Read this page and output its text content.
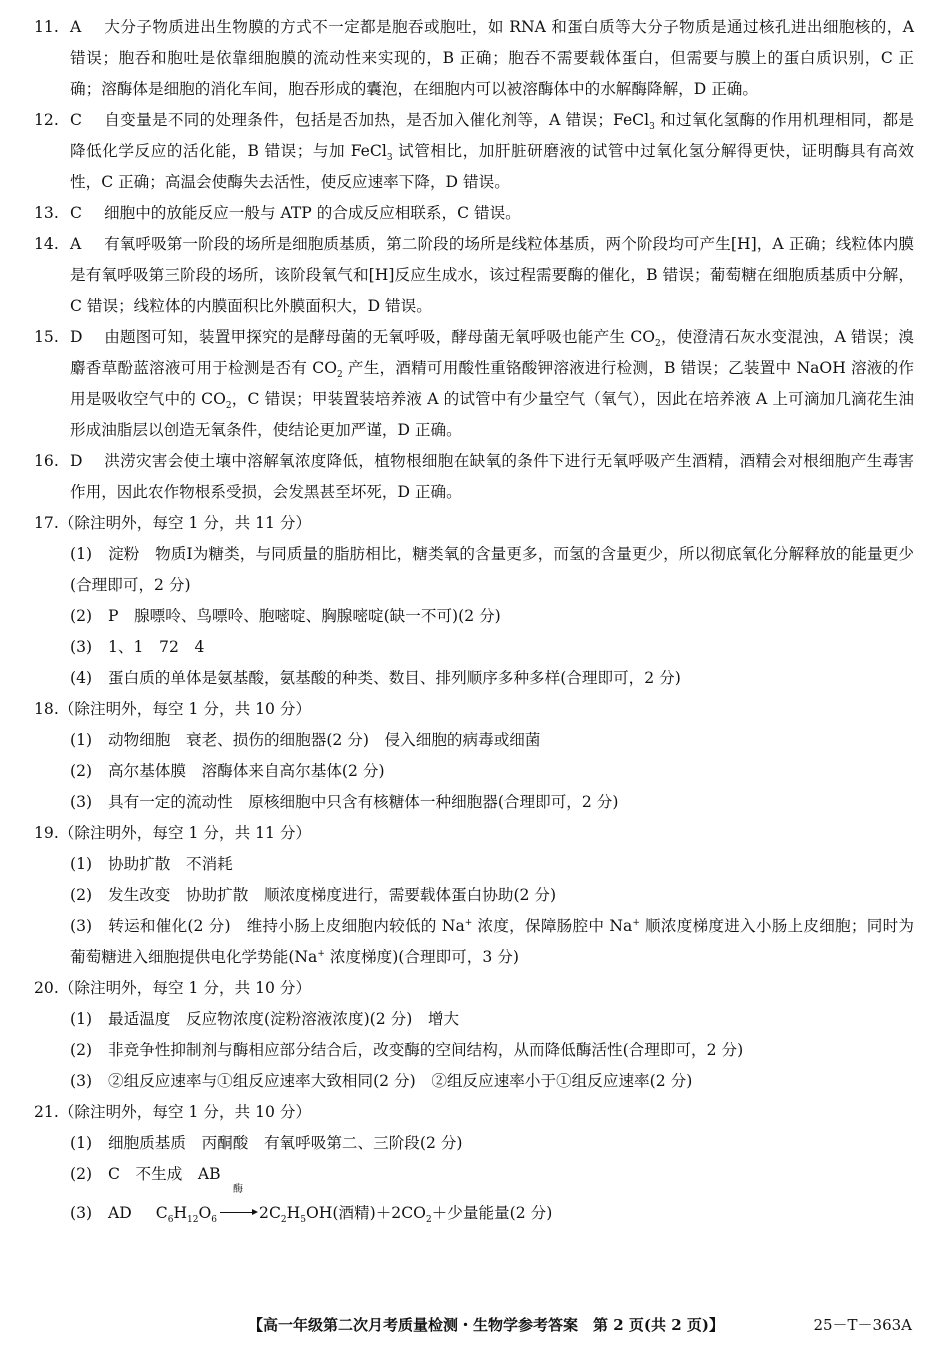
11. A 大分子物质进出生物膜的方式不一定都是胞吞或胞吐，如 RNA 和蛋白质等大分子物质是通过核孔进出细胞核的，A 错误；胞吞和胞吐是依靠细胞膜的流动性来实现的，B 正确；胞吞不需要载体蛋白，但需要与膜上的蛋白质识别，C 正确；溶酶体是细胞的消化车间，胞吞形成的囊泡，在细胞内可以被溶酶体中的水解酶降解，D 正确。
12. C 自变量是不同的处理条件，包括是否加热，是否加入催化剂等，A 错误；FeCl$_3$ 和过氧化氢酶的作用机理相同，都是降低化学反应的活化能，B 错误；与加 FeCl$_3$ 试管相比，加肝脏研磨液的试管中过氧化氢分解得更快，证明酶具有高效性，C 正确；高温会使酶失去活性，使反应速率下降，D 错误。
13. C 细胞中的放能反应一般与 ATP 的合成反应相联系，C 错误。
14. A 有氧呼吸第一阶段的场所是细胞质基质，第二阶段的场所是线粒体基质，两个阶段均可产生[H]，A 正确；线粒体内膜是有氧呼吸第三阶段的场所，该阶段氧气和[H]反应生成水，该过程需要酶的催化，B 错误；葡萄糖在细胞质基质中分解，C 错误；线粒体的内膜面积比外膜面积大，D 错误。
15. D 由题图可知，装置甲探究的是酵母菌的无氧呼吸，酵母菌无氧呼吸也能产生 $CO_2$，使澄清石灰水变混浊，A 错误；溴麝香草酚蓝溶液可用于检测是否有 $CO_2$ 产生，酒精可用酸性重铬酸钾溶液进行检测，B 错误；乙装置中 NaOH 溶液的作用是吸收空气中的 $CO_2$，C 错误；甲装置装培养液 A 的试管中有少量空气（氧气），因此在培养液 A 上可滴加几滴花生油形成油脂层以创造无氧条件，使结论更加严谨，D 正确。
16. D 洪涝灾害会使土壤中溶解氧浓度降低，植物根细胞在缺氧的条件下进行无氧呼吸产生酒精，酒精会对根细胞产生毒害作用，因此农作物根系受损，会发黑甚至坏死，D 正确。
17.（除注明外，每空 1 分，共 11 分）
(1) 淀粉　物质Ⅰ为糖类，与同质量的脂肪相比，糖类氧的含量更多，而氢的含量更少，所以彻底氧化分解释放的能量更少(合理即可，2 分)
(2) P　腺嘌呤、鸟嘌呤、胞嘧啶、胸腺嘧啶(缺一不可)(2 分)
(3) 1、1　72　4
(4) 蛋白质的单体是氨基酸，氨基酸的种类、数目、排列顺序多种多样(合理即可，2 分)
18.（除注明外，每空 1 分，共 10 分）
(1) 动物细胞　衰老、损伤的细胞器(2 分)　侵入细胞的病毒或细菌
(2) 高尔基体膜　溶酶体来自高尔基体(2 分)
(3) 具有一定的流动性　原核细胞中只含有核糖体一种细胞器(合理即可，2 分)
19.（除注明外，每空 1 分，共 11 分）
(1) 协助扩散　不消耗
(2) 发生改变　协助扩散　顺浓度梯度进行，需要载体蛋白协助(2 分)
(3) 转运和催化(2 分)　维持小肠上皮细胞内较低的 Na+ 浓度，保障肠腔中 Na+ 顺浓度梯度进入小肠上皮细胞；同时为葡萄糖进入细胞提供电化学势能(Na+ 浓度梯度)(合理即可，3 分)
20.（除注明外，每空 1 分，共 10 分）
(1) 最适温度　反应物浓度(淀粉溶液浓度)(2 分)　增大
(2) 非竞争性抑制剂与酶相应部分结合后，改变酶的空间结构，从而降低酶活性(合理即可，2 分)
(3) ②组反应速率与①组反应速率大致相同(2 分)　②组反应速率小于①组反应速率(2 分)
21.（除注明外，每空 1 分，共 10 分）
(1) 细胞质基质　丙酮酸　有氧呼吸第二、三阶段(2 分)
(2) C　不生成　AB
(3) AD $C_6H_{12}O_6$
酶
$2C_2H_5OH$(酒精)$+2CO_2+$少量能量(2 分)
【高一年级第二次月考质量检测・生物学参考答案　第 2 页(共 2 页)】	25－T－363A
